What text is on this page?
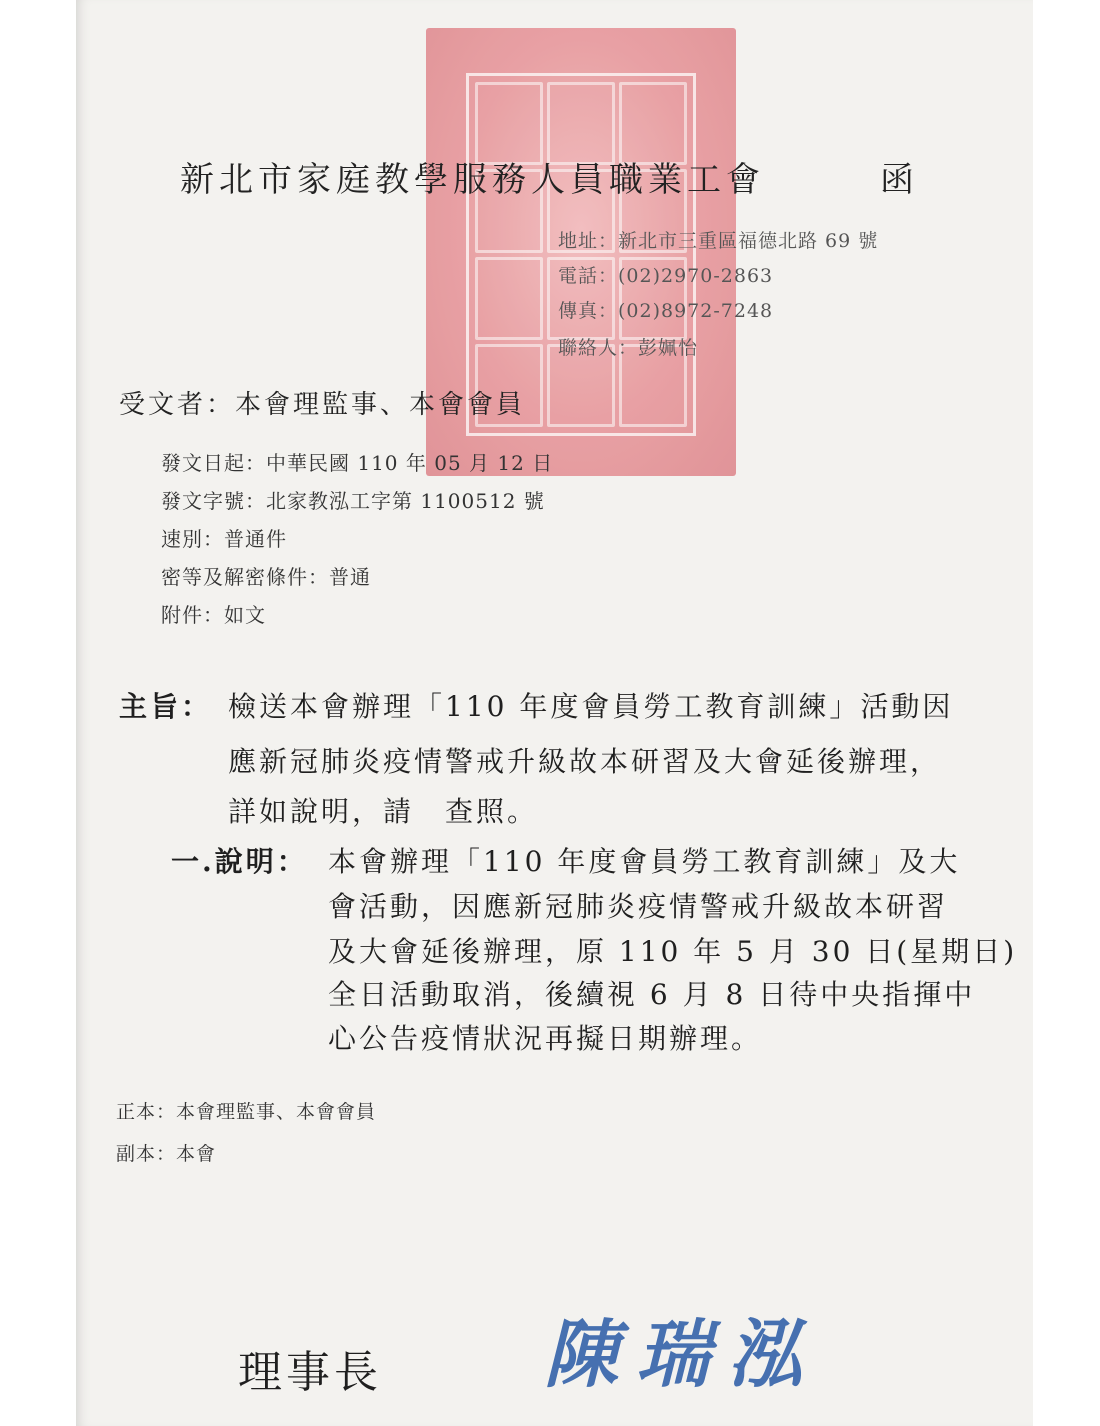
新北市家庭教學服務人員職業工會	函
地址：新北市三重區福德北路 69 號
電話：(02)2970-2863
傳真：(02)8972-7248
聯絡人：彭姵怡
受文者：本會理監事、本會會員
發文日起：中華民國 110 年 05 月 12 日
發文字號：北家教泓工字第 1100512 號
速別：普通件
密等及解密條件：普通
附件：如文
主旨： 檢送本會辦理「110 年度會員勞工教育訓練」活動因
應新冠肺炎疫情警戒升級故本研習及大會延後辦理，
詳如說明，請　查照。
一.說明： 本會辦理「110 年度會員勞工教育訓練」及大
會活動，因應新冠肺炎疫情警戒升級故本研習
及大會延後辦理，原 110 年 5 月 30 日(星期日)
全日活動取消，後續視 6 月 8 日待中央指揮中
心公告疫情狀況再擬日期辦理。
正本：本會理監事、本會會員
副本：本會
理事長 陳瑞泓
